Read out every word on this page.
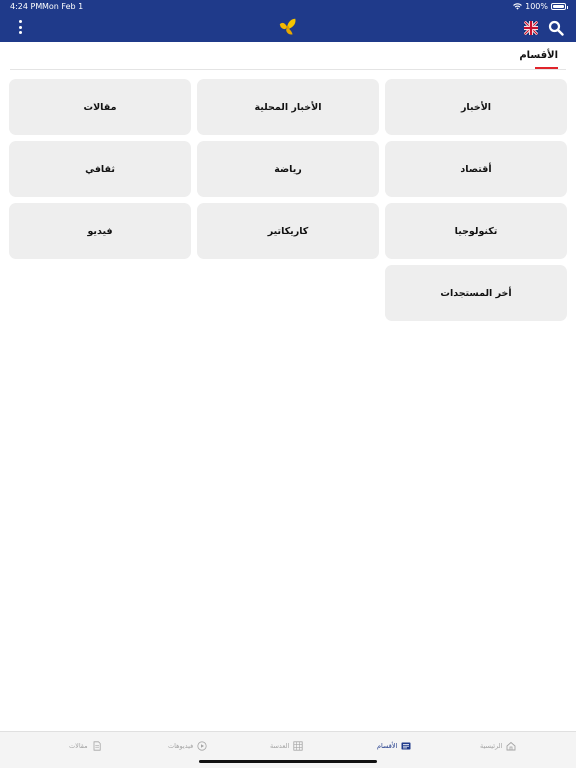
4:24 PM Mon Feb 1	100%
الأقسام
الأخبار
الأخبار المحلية
مقالات
أقتصاد
رياضة
ثقافي
تكنولوجيا
كاريكاتير
فيديو
أخر المستجدات
الرئيسية
الأقسام
العدسة
فيديوهات
مقالات
